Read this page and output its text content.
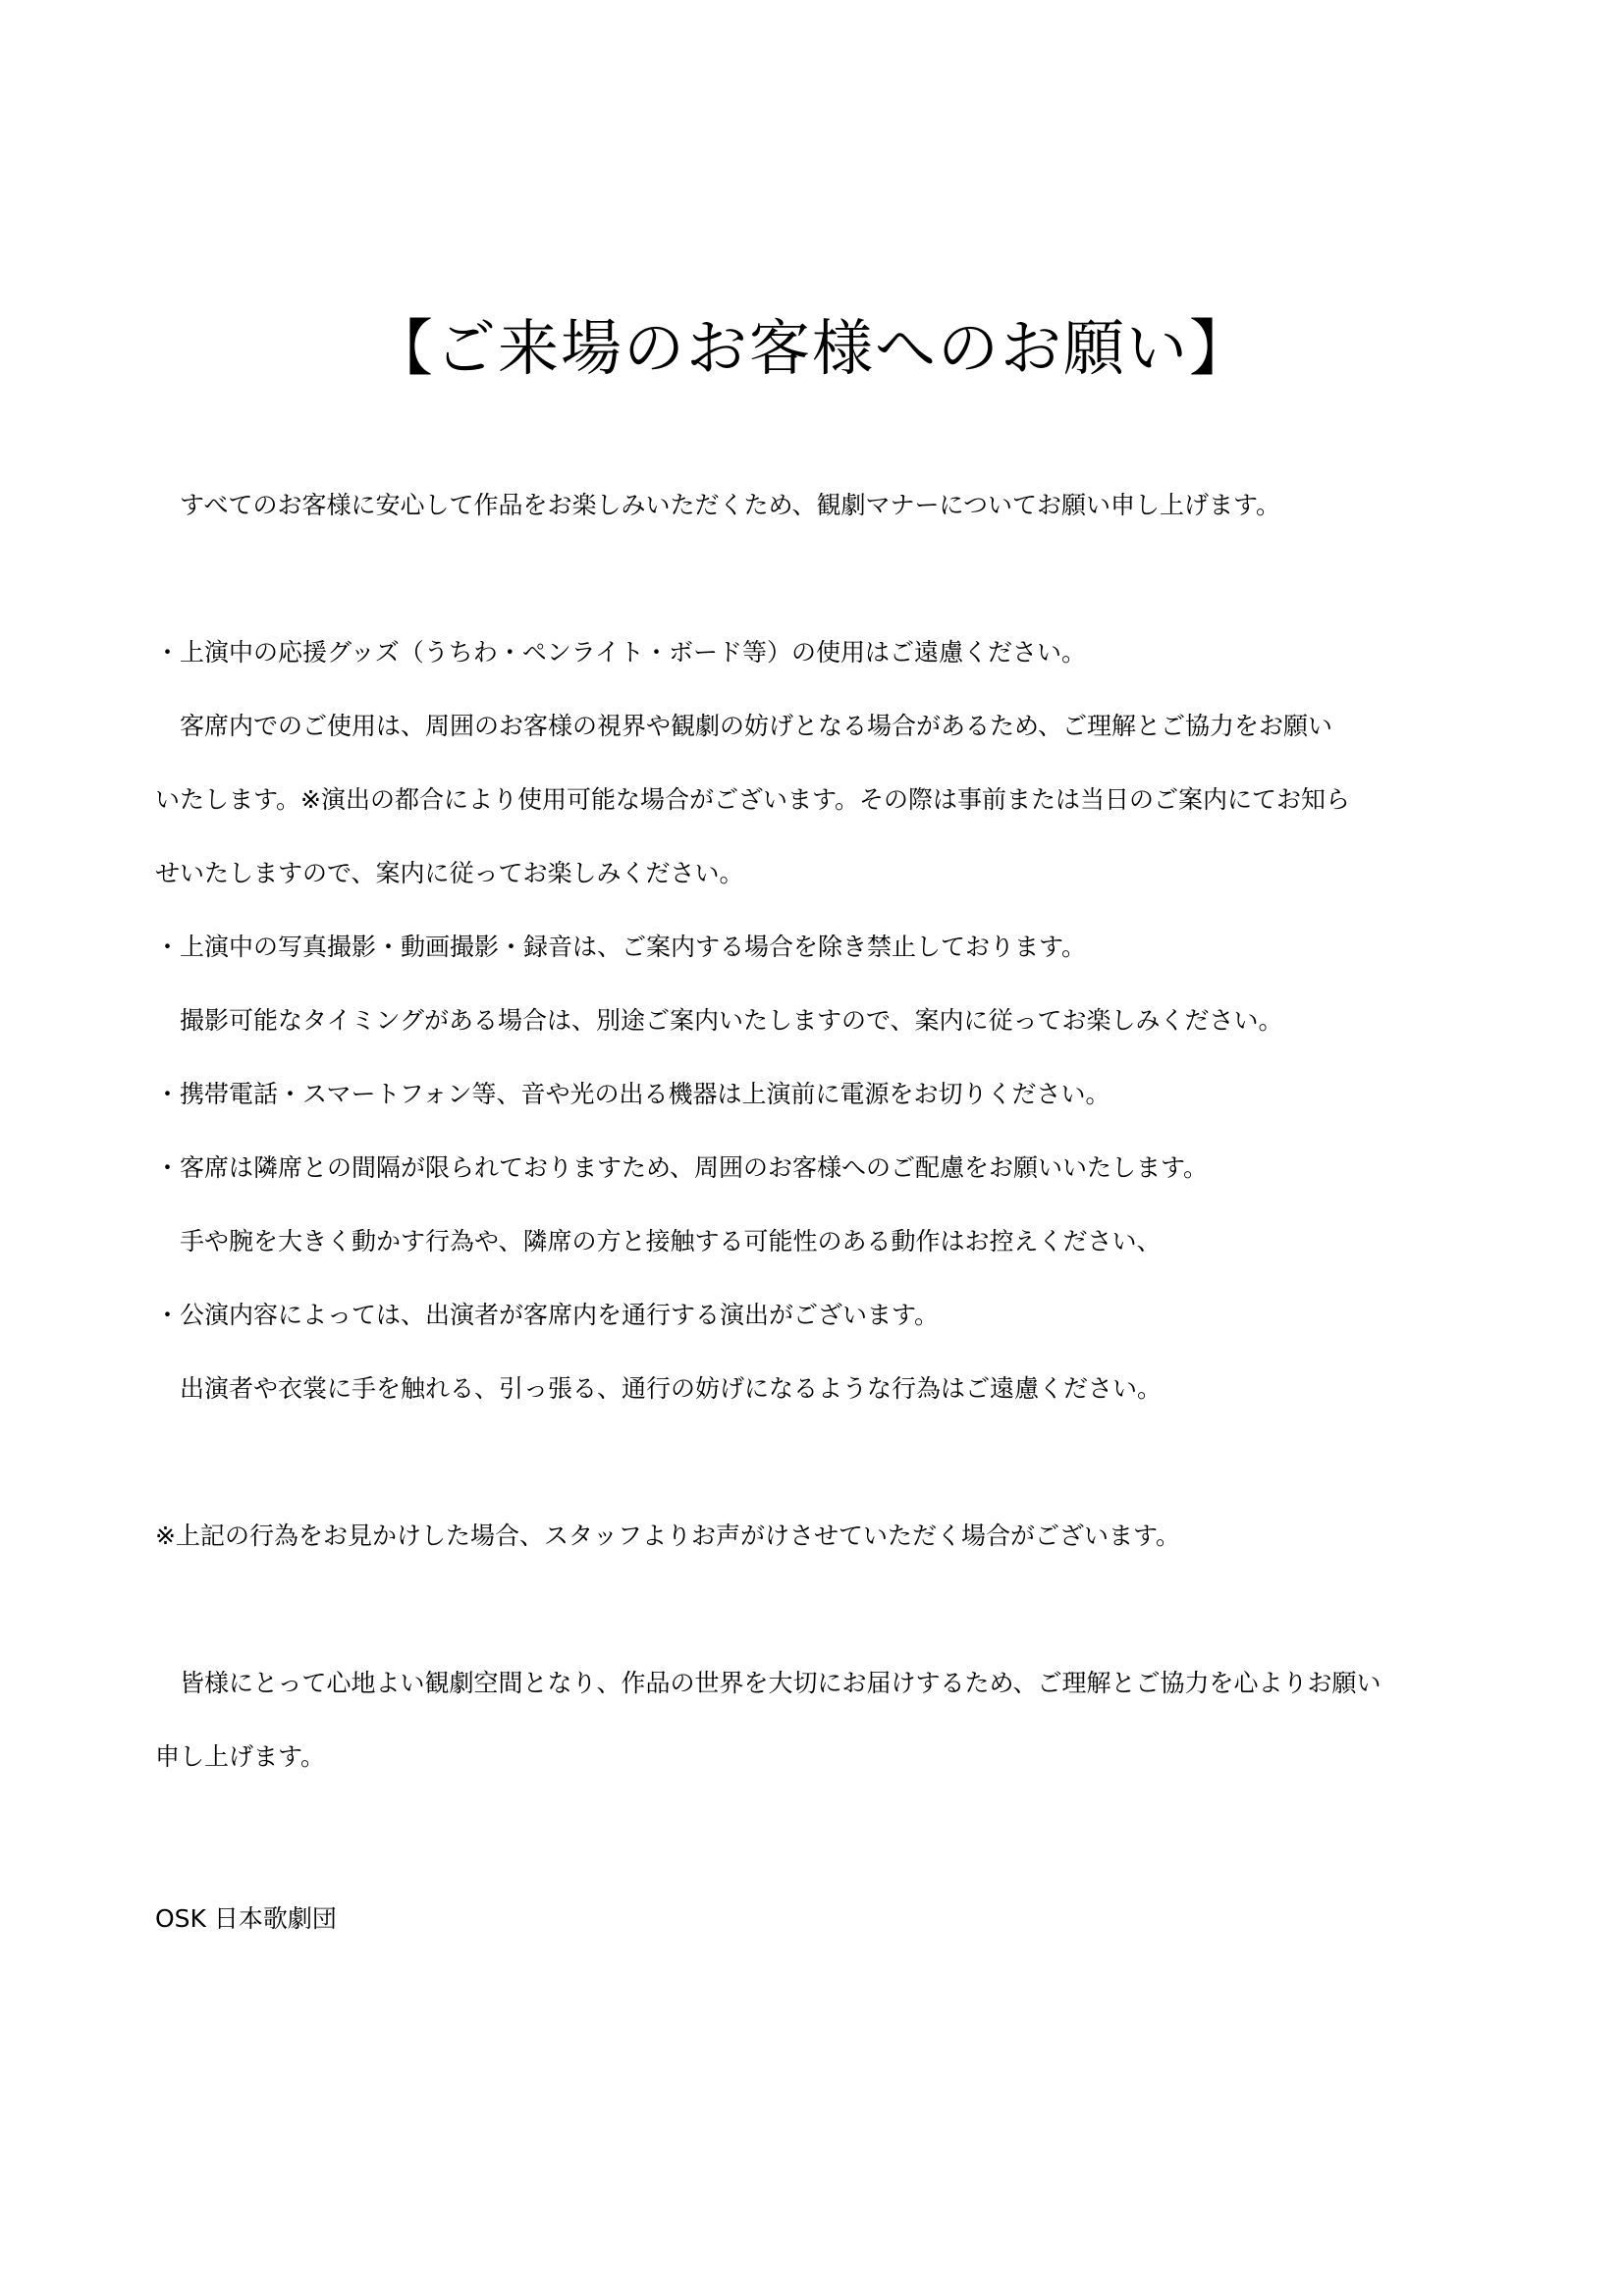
【ご来場のお客様へのお願い】
　すべてのお客様に安心して作品をお楽しみいただくため、観劇マナーについてお願い申し上げます。
・上演中の応援グッズ（うちわ・ペンライト・ボード等）の使用はご遠慮ください。
　客席内でのご使用は、周囲のお客様の視界や観劇の妨げとなる場合があるため、ご理解とご協力をお願い
いたします。※演出の都合により使用可能な場合がございます。その際は事前または当日のご案内にてお知ら
せいたしますので、案内に従ってお楽しみください。
・上演中の写真撮影・動画撮影・録音は、ご案内する場合を除き禁止しております。
　撮影可能なタイミングがある場合は、別途ご案内いたしますので、案内に従ってお楽しみください。
・携帯電話・スマートフォン等、音や光の出る機器は上演前に電源をお切りください。
・客席は隣席との間隔が限られておりますため、周囲のお客様へのご配慮をお願いいたします。
　手や腕を大きく動かす行為や、隣席の方と接触する可能性のある動作はお控えください、
・公演内容によっては、出演者が客席内を通行する演出がございます。
　出演者や衣裳に手を触れる、引っ張る、通行の妨げになるような行為はご遠慮ください。
※上記の行為をお見かけした場合、スタッフよりお声がけさせていただく場合がございます。
　皆様にとって心地よい観劇空間となり、作品の世界を大切にお届けするため、ご理解とご協力を心よりお願い
申し上げます。
OSK 日本歌劇団
